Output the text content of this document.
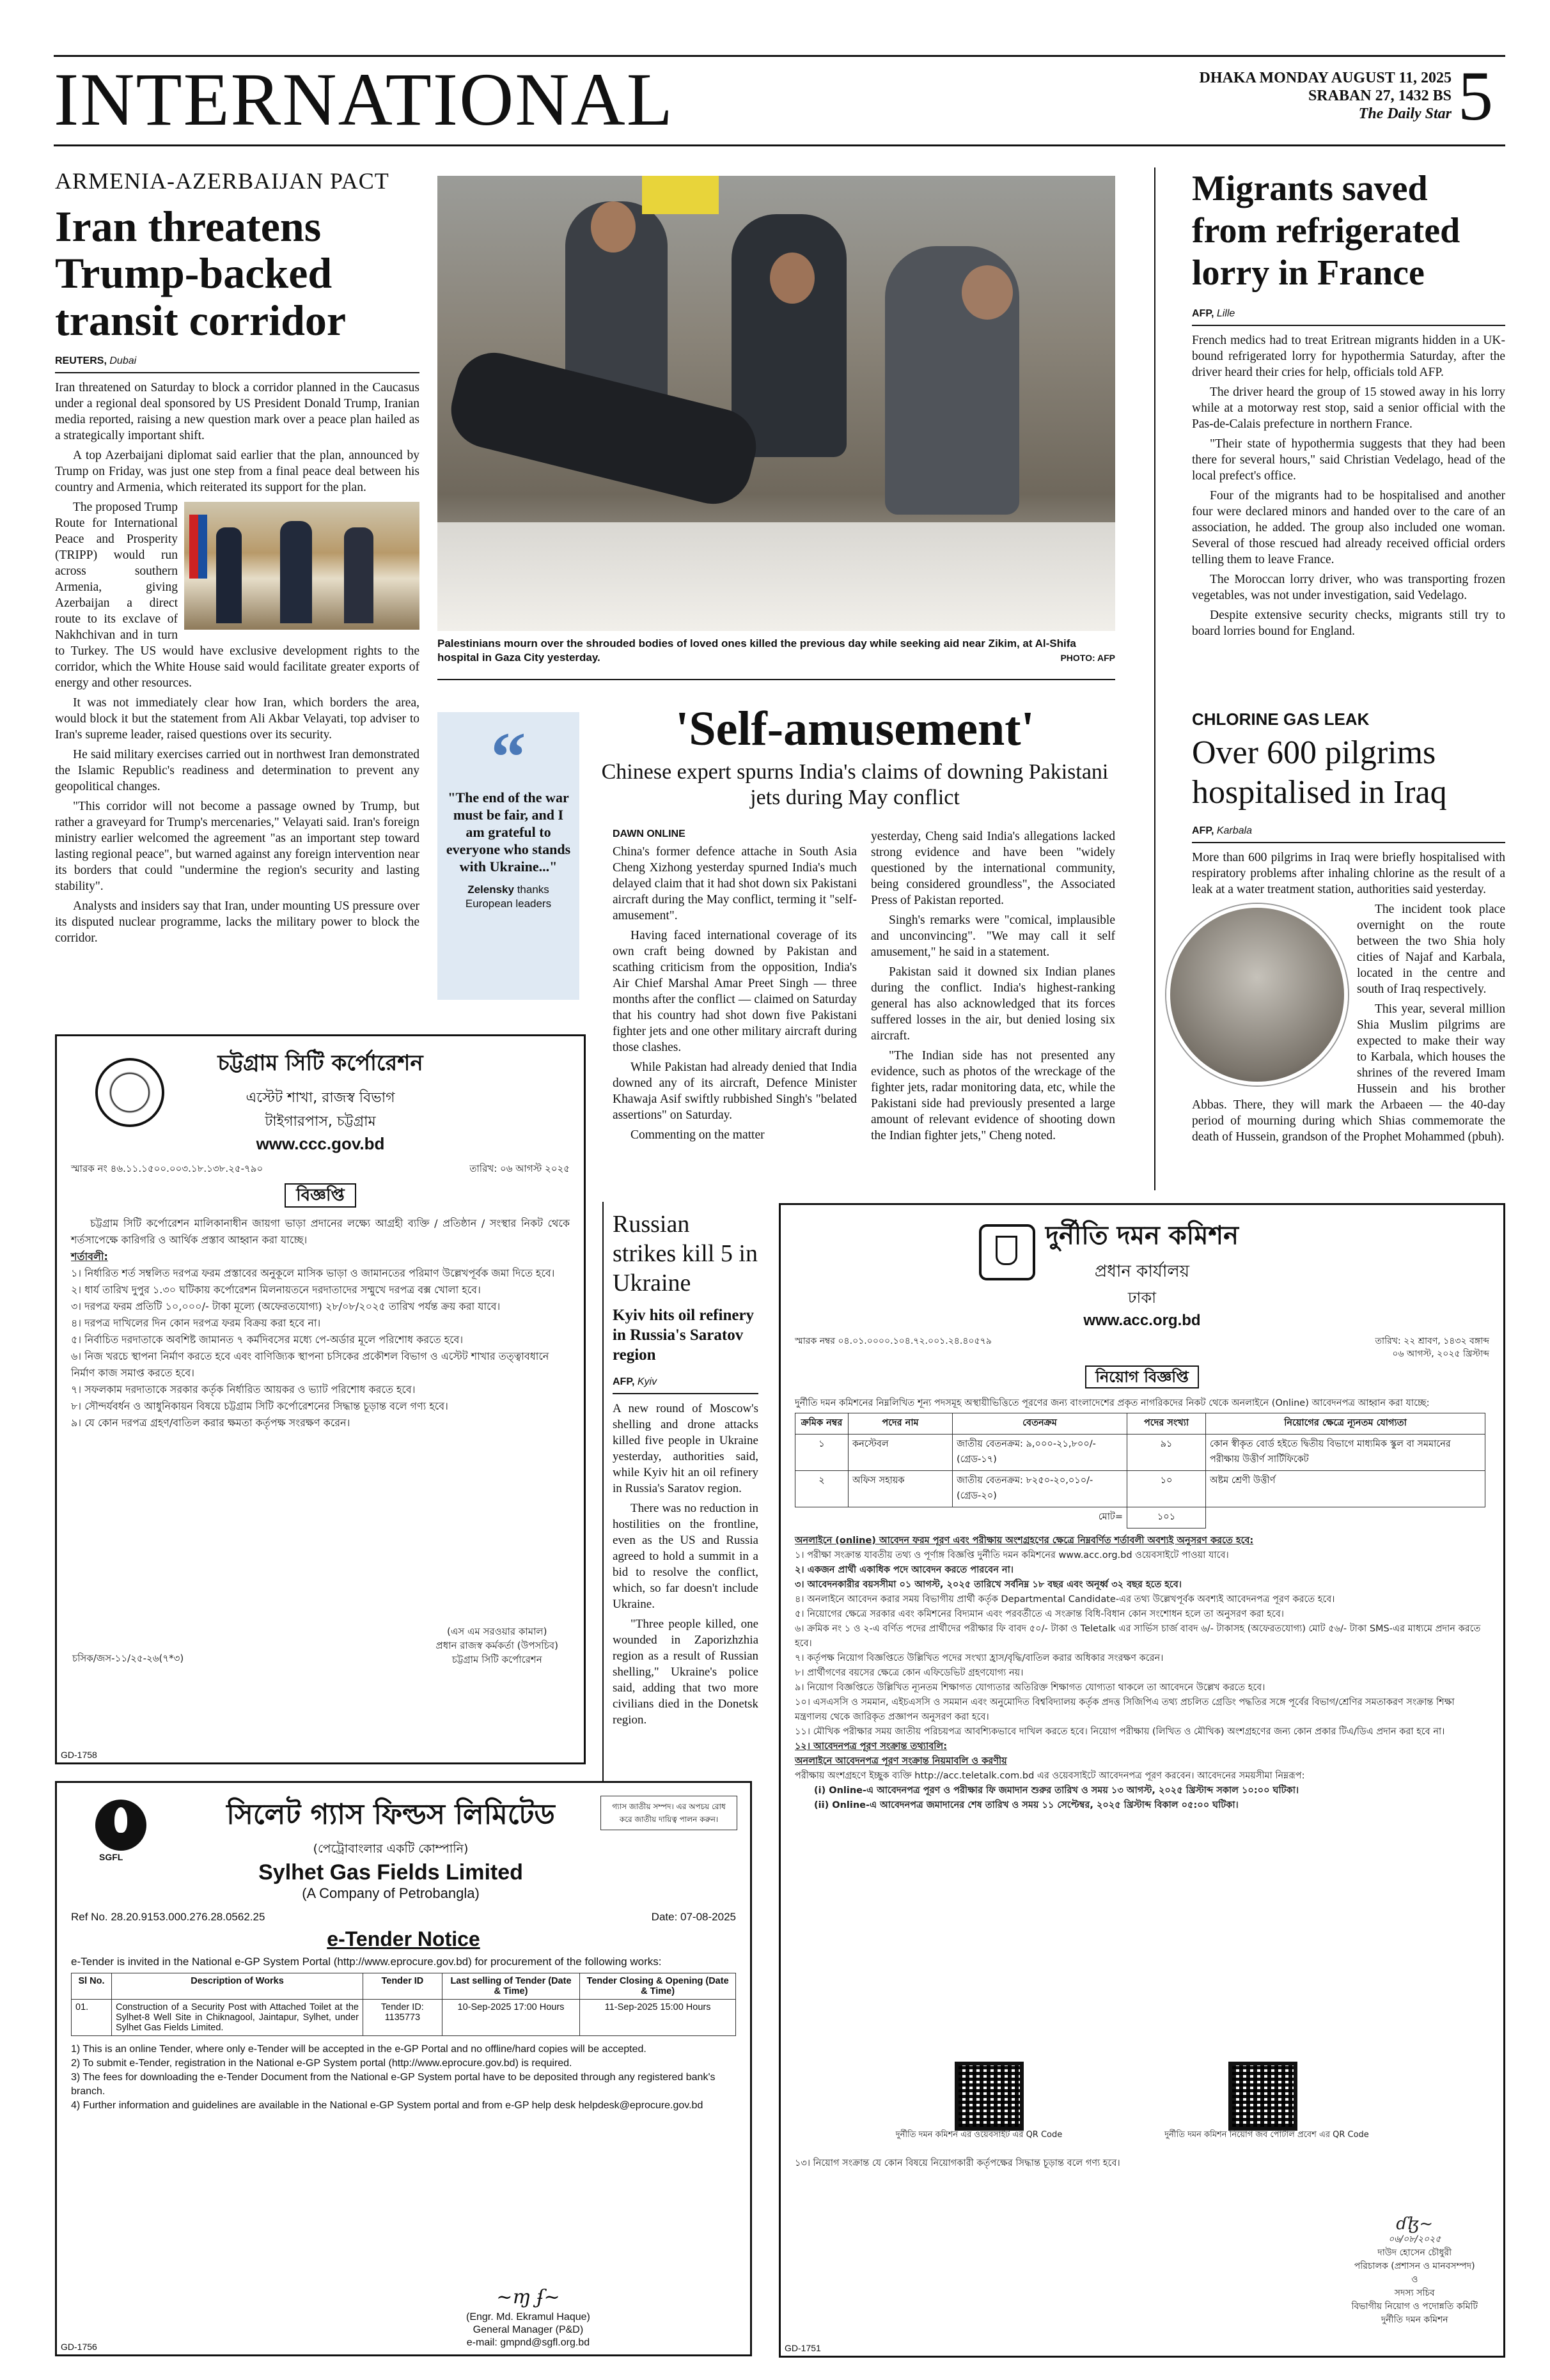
INTERNATIONAL	DHAKA MONDAY AUGUST 11, 2025
SRABAN 27, 1432 BS
The Daily Star 5
ARMENIA-AZERBAIJAN PACT
Iran threatens Trump-backed transit corridor
REUTERS, Dubai

Iran threatened on Saturday to block a corridor planned in the Caucasus under a regional deal sponsored by US President Donald Trump, Iranian media reported, raising a new question mark over a peace plan hailed as a strategically important shift.

A top Azerbaijani diplomat said earlier that the plan, announced by Trump on Friday, was just one step from a final peace deal between his country and Armenia, which reiterated its support for the plan.

The proposed Trump Route for International Peace and Prosperity (TRIPP) would run across southern Armenia, giving Azerbaijan a direct route to its exclave of Nakhchivan and in turn to Turkey. The US would have exclusive development rights to the corridor, which the White House said would facilitate greater exports of energy and other resources.

It was not immediately clear how Iran, which borders the area, would block it but the statement from Ali Akbar Velayati, top adviser to Iran's supreme leader, raised questions over its security.

He said military exercises carried out in northwest Iran demonstrated the Islamic Republic's readiness and determination to prevent any geopolitical changes.

"This corridor will not become a passage owned by Trump, but rather a graveyard for Trump's mercenaries," Velayati said. Iran's foreign ministry earlier welcomed the agreement "as an important step toward lasting regional peace", but warned against any foreign intervention near its borders that could "undermine the region's security and lasting stability".

Analysts and insiders say that Iran, under mounting US pressure over its disputed nuclear programme, lacks the military power to block the corridor.

Palestinians mourn over the shrouded bodies of loved ones killed the previous day while seeking aid near Zikim, at Al-Shifa hospital in Gaza City yesterday.	PHOTO: AFP
“
"The end of the war must be fair, and I am grateful to everyone who stands with Ukraine..."
Zelensky thanks European leaders
'Self-amusement'
Chinese expert spurns India's claims of downing Pakistani jets during May conflict
DAWN ONLINE

China's former defence attache in South Asia Cheng Xizhong yesterday spurned India's much delayed claim that it had shot down six Pakistani aircraft during the May conflict, terming it "self-amusement".

Having faced international coverage of its own craft being downed by Pakistan and scathing criticism from the opposition, India's Air Chief Marshal Amar Preet Singh — three months after the conflict — claimed on Saturday that his country had shot down five Pakistani fighter jets and one other military aircraft during those clashes.

While Pakistan had already denied that India downed any of its aircraft, Defence Minister Khawaja Asif swiftly rubbished Singh's "belated assertions" on Saturday.

Commenting on the matter

yesterday, Cheng said India's allegations lacked strong evidence and have been "widely questioned by the international community, being considered groundless", the Associated Press of Pakistan reported.

Singh's remarks were "comical, implausible and unconvincing". "We may call it self amusement," he said in a statement.

Pakistan said it downed six Indian planes during the conflict. India's highest-ranking general has also acknowledged that its forces suffered losses in the air, but denied losing six aircraft.

"The Indian side has not presented any evidence, such as photos of the wreckage of the fighter jets, radar monitoring data, etc, while the Pakistani side had previously presented a large amount of relevant evidence of shooting down the Indian fighter jets," Cheng noted.

Migrants saved from refrigerated lorry in France
AFP, Lille

French medics had to treat Eritrean migrants hidden in a UK-bound refrigerated lorry for hypothermia Saturday, after the driver heard their cries for help, officials told AFP.

The driver heard the group of 15 stowed away in his lorry while at a motorway rest stop, said a senior official with the Pas-de-Calais prefecture in northern France.

"Their state of hypothermia suggests that they had been there for several hours," said Christian Vedelago, head of the local prefect's office.

Four of the migrants had to be hospitalised and another four were declared minors and handed over to the care of an association, he added. The group also included one woman. Several of those rescued had already received official orders telling them to leave France.

The Moroccan lorry driver, who was transporting frozen vegetables, was not under investigation, said Vedelago.

Despite extensive security checks, migrants still try to board lorries bound for England.

CHLORINE GAS LEAK
Over 600 pilgrims hospitalised in Iraq
AFP, Karbala

More than 600 pilgrims in Iraq were briefly hospitalised with respiratory problems after inhaling chlorine as the result of a leak at a water treatment station, authorities said yesterday.

The incident took place overnight on the route between the two Shia holy cities of Najaf and Karbala, located in the centre and south of Iraq respectively.

This year, several million Shia Muslim pilgrims are expected to make their way to Karbala, which houses the shrines of the revered Imam Hussein and his brother Abbas. There, they will mark the Arbaeen — the 40-day period of mourning during which Shias commemorate the death of Hussein, grandson of the Prophet Mohammed (pbuh).

Russian strikes kill 5 in Ukraine
Kyiv hits oil refinery in Russia's Saratov region
AFP, Kyiv

A new round of Moscow's shelling and drone attacks killed five people in Ukraine yesterday, authorities said, while Kyiv hit an oil refinery in Russia's Saratov region.

There was no reduction in hostilities on the frontline, even as the US and Russia agreed to hold a summit in a bid to resolve the conflict, which, so far doesn't include Ukraine.

"Three people killed, one wounded in Zaporizhzhia region as a result of Russian shelling," Ukraine's police said, adding that two more civilians died in the Donetsk region.

চট্টগ্রাম সিটি কর্পোরেশন
এস্টেট শাখা, রাজস্ব বিভাগ
টাইগারপাস, চট্টগ্রাম
www.ccc.gov.bd
স্মারক নং ৪৬.১১.১৫০০.০০৩.১৮.১৩৮.২৫-৭৯০	তারিখ: ০৬ আগস্ট ২০২৫
বিজ্ঞপ্তি
চট্টগ্রাম সিটি কর্পোরেশন মালিকানাধীন জায়গা ভাড়া প্রদানের লক্ষ্যে আগ্রহী ব্যক্তি / প্রতিষ্ঠান / সংস্থার নিকট থেকে শর্তসাপেক্ষে কারিগরি ও আর্থিক প্রস্তাব আহ্বান করা যাচ্ছে।
শর্তাবলী:
১। নির্ধারিত শর্ত সম্বলিত দরপত্র ফরম প্রস্তাবের অনুকূলে মাসিক ভাড়া ও জামানতের পরিমাণ উল্লেখপূর্বক জমা দিতে হবে।
২। ধার্য তারিখ দুপুর ১.৩০ ঘটিকায় কর্পোরেশন মিলনায়তনে দরদাতাদের সম্মুখে দরপত্র বক্স খোলা হবে।
৩। দরপত্র ফরম প্রতিটি ১০,০০০/- টাকা মূল্যে (অফেরতযোগ্য) ২৮/০৮/২০২৫ তারিখ পর্যন্ত ক্রয় করা যাবে।
৪। দরপত্র দাখিলের দিন কোন দরপত্র ফরম বিক্রয় করা হবে না।
৫। নির্বাচিত দরদাতাকে অবশিষ্ট জামানত ৭ কর্মদিবসের মধ্যে পে-অর্ডার মূলে পরিশোধ করতে হবে।
৬। নিজ খরচে স্থাপনা নির্মাণ করতে হবে এবং বাণিজ্যিক স্থাপনা চসিকের প্রকৌশল বিভাগ ও এস্টেট শাখার তত্ত্বাবধানে নির্মাণ কাজ সমাপ্ত করতে হবে।
৭। সফলকাম দরদাতাকে সরকার কর্তৃক নির্ধারিত আয়কর ও ভ্যাট পরিশোধ করতে হবে।
৮। সৌন্দর্যবর্ধন ও আধুনিকায়ন বিষয়ে চট্টগ্রাম সিটি কর্পোরেশনের সিদ্ধান্ত চূড়ান্ত বলে গণ্য হবে।
৯। যে কোন দরপত্র গ্রহণ/বাতিল করার ক্ষমতা কর্তৃপক্ষ সংরক্ষণ করেন।
(এস এম সরওয়ার কামাল)
প্রধান রাজস্ব কর্মকর্তা (উপসচিব)
চট্টগ্রাম সিটি কর্পোরেশন
চসিক/জস-১১/২৫-২৬(৭*৩)
GD-1758
SGFL
সিলেট গ্যাস ফিল্ডস লিমিটেড
(পেট্রোবাংলার একটি কোম্পানি)
Sylhet Gas Fields Limited
(A Company of Petrobangla)
গ্যাস জাতীয় সম্পদ। এর অপচয় রোধ করে জাতীয় দায়িত্ব পালন করুন।
Ref No. 28.20.9153.000.276.28.0562.25	Date: 07-08-2025
e-Tender Notice
e-Tender is invited in the National e-GP System Portal (http://www.eprocure.gov.bd) for procurement of the following works:
Sl No.	Description of Works	Tender ID	Last selling of Tender (Date & Time)	Tender Closing & Opening (Date & Time)
01.	Construction of a Security Post with Attached Toilet at the Sylhet-8 Well Site in Chiknagool, Jaintapur, Sylhet, under Sylhet Gas Fields Limited.	Tender ID: 1135773	10-Sep-2025 17:00 Hours	11-Sep-2025 15:00 Hours
1) This is an online Tender, where only e-Tender will be accepted in the e-GP Portal and no offline/hard copies will be accepted.
2) To submit e-Tender, registration in the National e-GP System portal (http://www.eprocure.gov.bd) is required.
3) The fees for downloading the e-Tender Document from the National e-GP System portal have to be deposited through any registered bank's branch.
4) Further information and guidelines are available in the National e-GP System portal and from e-GP help desk helpdesk@eprocure.gov.bd
~ɱ ʄ~
(Engr. Md. Ekramul Haque)
General Manager (P&D)
e-mail: gmpnd@sgfl.org.bd
GD-1756
দুর্নীতি দমন কমিশন
প্রধান কার্যালয়
ঢাকা
www.acc.org.bd
স্মারক নম্বর ০৪.০১.০০০০.১০৪.৭২.০০১.২৪.৪০৫৭৯	তারিখ: ২২ শ্রাবণ, ১৪৩২ বঙ্গাব্দ
০৬ আগস্ট, ২০২৫ খ্রিস্টাব্দ
নিয়োগ বিজ্ঞপ্তি
দুর্নীতি দমন কমিশনের নিম্নলিখিত শূন্য পদসমূহ অস্থায়ীভিত্তিতে পূরণের জন্য বাংলাদেশের প্রকৃত নাগরিকদের নিকট থেকে অনলাইনে (Online) আবেদনপত্র আহ্বান করা যাচ্ছে:
ক্রমিক নম্বর	পদের নাম	বেতনক্রম	পদের সংখ্যা	নিয়োগের ক্ষেত্রে ন্যূনতম যোগ্যতা
১	কনস্টেবল	জাতীয় বেতনক্রম: ৯,০০০-২১,৮০০/- (গ্রেড-১৭)	৯১	কোন স্বীকৃত বোর্ড হইতে দ্বিতীয় বিভাগে মাধ্যমিক স্কুল বা সমমানের পরীক্ষায় উত্তীর্ণ সার্টিফিকেট
২	অফিস সহায়ক	জাতীয় বেতনক্রম: ৮২৫০-২০,০১০/- (গ্রেড-২০)	১০	অষ্টম শ্রেণী উত্তীর্ণ
মোট=			১০১	
অনলাইনে (online) আবেদন ফরম পূরণ এবং পরীক্ষায় অংশগ্রহণের ক্ষেত্রে নিম্নবর্ণিত শর্তাবলী অবশ্যই অনুসরণ করতে হবে:
১। পরীক্ষা সংক্রান্ত যাবতীয় তথ্য ও পূর্ণাঙ্গ বিজ্ঞপ্তি দুর্নীতি দমন কমিশনের www.acc.org.bd ওয়েবসাইটে পাওয়া যাবে।
২। একজন প্রার্থী একাধিক পদে আবেদন করতে পারবেন না।
৩। আবেদনকারীর বয়সসীমা ০১ আগস্ট, ২০২৫ তারিখে সর্বনিম্ন ১৮ বছর এবং অনূর্ধ্ব ৩২ বছর হতে হবে।
৪। অনলাইনে আবেদন করার সময় বিভাগীয় প্রার্থী কর্তৃক Departmental Candidate-এর তথ্য উল্লেখপূর্বক অবশ্যই আবেদনপত্র পূরণ করতে হবে।
৫। নিয়োগের ক্ষেত্রে সরকার এবং কমিশনের বিদ্যমান এবং পরবর্তীতে এ সংক্রান্ত বিধি-বিধান কোন সংশোধন হলে তা অনুসরণ করা হবে।
৬। ক্রমিক নং ১ ও ২-এ বর্ণিত পদের প্রার্থীদের পরীক্ষার ফি বাবদ ৫০/- টাকা ও Teletalk এর সার্ভিস চার্জ বাবদ ৬/- টাকাসহ (অফেরতযোগ্য) মোট ৫৬/- টাকা SMS-এর মাধ্যমে প্রদান করতে হবে।
৭। কর্তৃপক্ষ নিয়োগ বিজ্ঞপ্তিতে উল্লিখিত পদের সংখ্যা হ্রাস/বৃদ্ধি/বাতিল করার অধিকার সংরক্ষণ করেন।
৮। প্রার্থীগণের বয়সের ক্ষেত্রে কোন এফিডেভিট গ্রহণযোগ্য নয়।
৯। নিয়োগ বিজ্ঞপ্তিতে উল্লিখিত ন্যূনতম শিক্ষাগত যোগ্যতার অতিরিক্ত শিক্ষাগত যোগ্যতা থাকলে তা আবেদনে উল্লেখ করতে হবে।
১০। এসএসসি ও সমমান, এইচএসসি ও সমমান এবং অনুমোদিত বিশ্ববিদ্যালয় কর্তৃক প্রদত্ত সিজিপিএ তথ্য প্রচলিত গ্রেডিং পদ্ধতির সঙ্গে পূর্বের বিভাগ/শ্রেণির সমতাকরণ সংক্রান্ত শিক্ষা মন্ত্রণালয় থেকে জারিকৃত প্রজ্ঞাপন অনুসরণ করা হবে।
১১। মৌখিক পরীক্ষার সময় জাতীয় পরিচয়পত্র আবশ্যিকভাবে দাখিল করতে হবে। নিয়োগ পরীক্ষায় (লিখিত ও মৌখিক) অংশগ্রহণের জন্য কোন প্রকার টিএ/ডিএ প্রদান করা হবে না।
১২। আবেদনপত্র পূরণ সংক্রান্ত তথ্যাবলি:
অনলাইনে আবেদনপত্র পূরণ সংক্রান্ত নিয়মাবলি ও করণীয়
পরীক্ষায় অংশগ্রহণে ইচ্ছুক ব্যক্তি http://acc.teletalk.com.bd এর ওয়েবসাইটে আবেদনপত্র পূরণ করবেন। আবেদনের সময়সীমা নিম্নরূপ:
(i) Online-এ আবেদনপত্র পূরণ ও পরীক্ষার ফি জমাদান শুরুর তারিখ ও সময় ১৩ আগস্ট, ২০২৫ খ্রিস্টাব্দ সকাল ১০:০০ ঘটিকা।
(ii) Online-এ আবেদনপত্র জমাদানের শেষ তারিখ ও সময় ১১ সেপ্টেম্বর, ২০২৫ খ্রিস্টাব্দ বিকাল ০৫:০০ ঘটিকা।
দুর্নীতি দমন কমিশন এর ওয়েবসাইট এর QR Code	দুর্নীতি দমন কমিশন নিয়োগ জব পোর্টাল প্রবেশ এর QR Code
১৩। নিয়োগ সংক্রান্ত যে কোন বিষয়ে নিয়োগকারী কর্তৃপক্ষের সিদ্ধান্ত চূড়ান্ত বলে গণ্য হবে।
ɗɮ~
০৬/০৮/২০২৫
দাউদ হোসেন চৌধুরী
পরিচালক (প্রশাসন ও মানবসম্পদ)
ও
সদস্য সচিব
বিভাগীয় নিয়োগ ও পদোন্নতি কমিটি
দুর্নীতি দমন কমিশন
GD-1751
